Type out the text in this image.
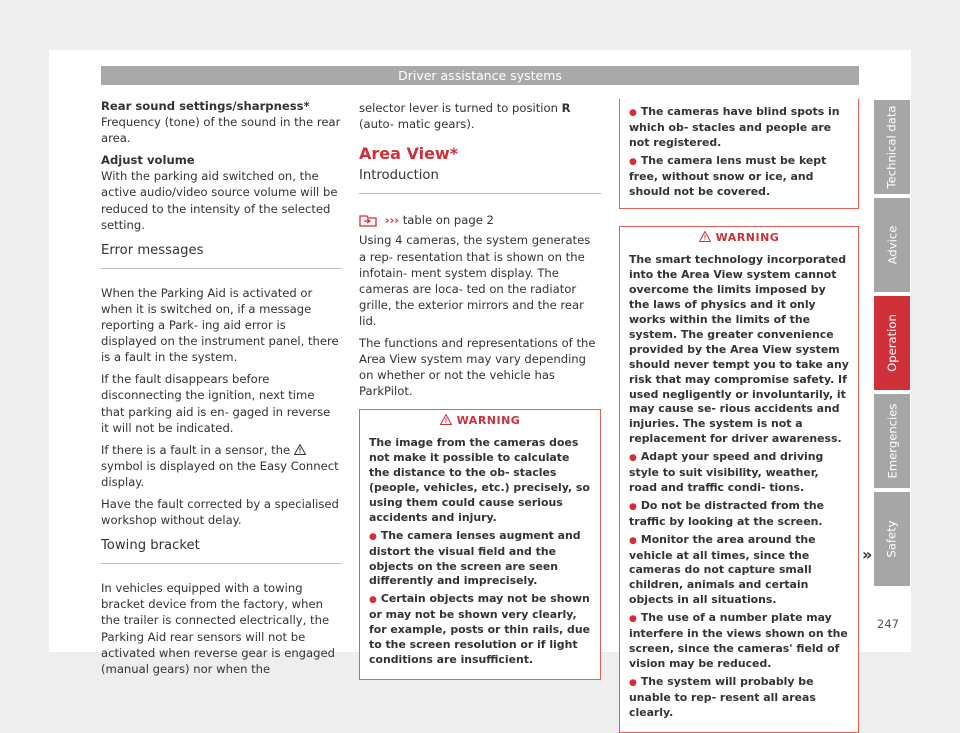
Driver assistance systems

Rear sound settings/sharpness*

Frequency (tone) of the sound in the rear area.

Adjust volume

With the parking aid switched on, the active audio/video source volume will be reduced to the intensity of the selected setting.

Error messages

When the Parking Aid is activated or when it is switched on, if a message reporting a Park- ing aid error is displayed on the instrument panel, there is a fault in the system.

If the fault disappears before disconnecting the ignition, next time that parking aid is en- gaged in reverse it will not be indicated.

If there is a fault in a sensor, the  symbol is displayed on the Easy Connect display.

Have the fault corrected by a specialised workshop without delay.

Towing bracket

In vehicles equipped with a towing bracket device from the factory, when the trailer is connected electrically, the Parking Aid rear sensors will not be activated when reverse gear is engaged (manual gears) nor when the

selector lever is turned to position R (auto- matic gears).

Area View*
Introduction

››› table on page 2

Using 4 cameras, the system generates a rep- resentation that is shown on the infotain- ment system display. The cameras are loca- ted on the radiator grille, the exterior mirrors and the rear lid.

The functions and representations of the Area View system may vary depending on whether or not the vehicle has ParkPilot.

WARNING

The image from the cameras does not make it possible to calculate the distance to the ob- stacles (people, vehicles, etc.) precisely, so using them could cause serious accidents and injury.

● The camera lenses augment and distort the visual field and the objects on the screen are seen differently and imprecisely.

● Certain objects may not be shown or may not be shown very clearly, for example, posts or thin rails, due to the screen resolution or if light conditions are insufficient.

● The cameras have blind spots in which ob- stacles and people are not registered.

● The camera lens must be kept free, without snow or ice, and should not be covered.

WARNING

The smart technology incorporated into the Area View system cannot overcome the limits imposed by the laws of physics and it only works within the limits of the system. The greater convenience provided by the Area View system should never tempt you to take any risk that may compromise safety. If used negligently or involuntarily, it may cause se- rious accidents and injuries. The system is not a replacement for driver awareness.

● Adapt your speed and driving style to suit visibility, weather, road and traffic condi- tions.

● Do not be distracted from the traffic by looking at the screen.

● Monitor the area around the vehicle at all times, since the cameras do not capture small children, animals and certain objects in all situations.

● The use of a number plate may interfere in the views shown on the screen, since the cameras' field of vision may be reduced.

● The system will probably be unable to rep- resent all areas clearly.

»
Technical data
Advice
Operation
Emergencies
Safety
247
